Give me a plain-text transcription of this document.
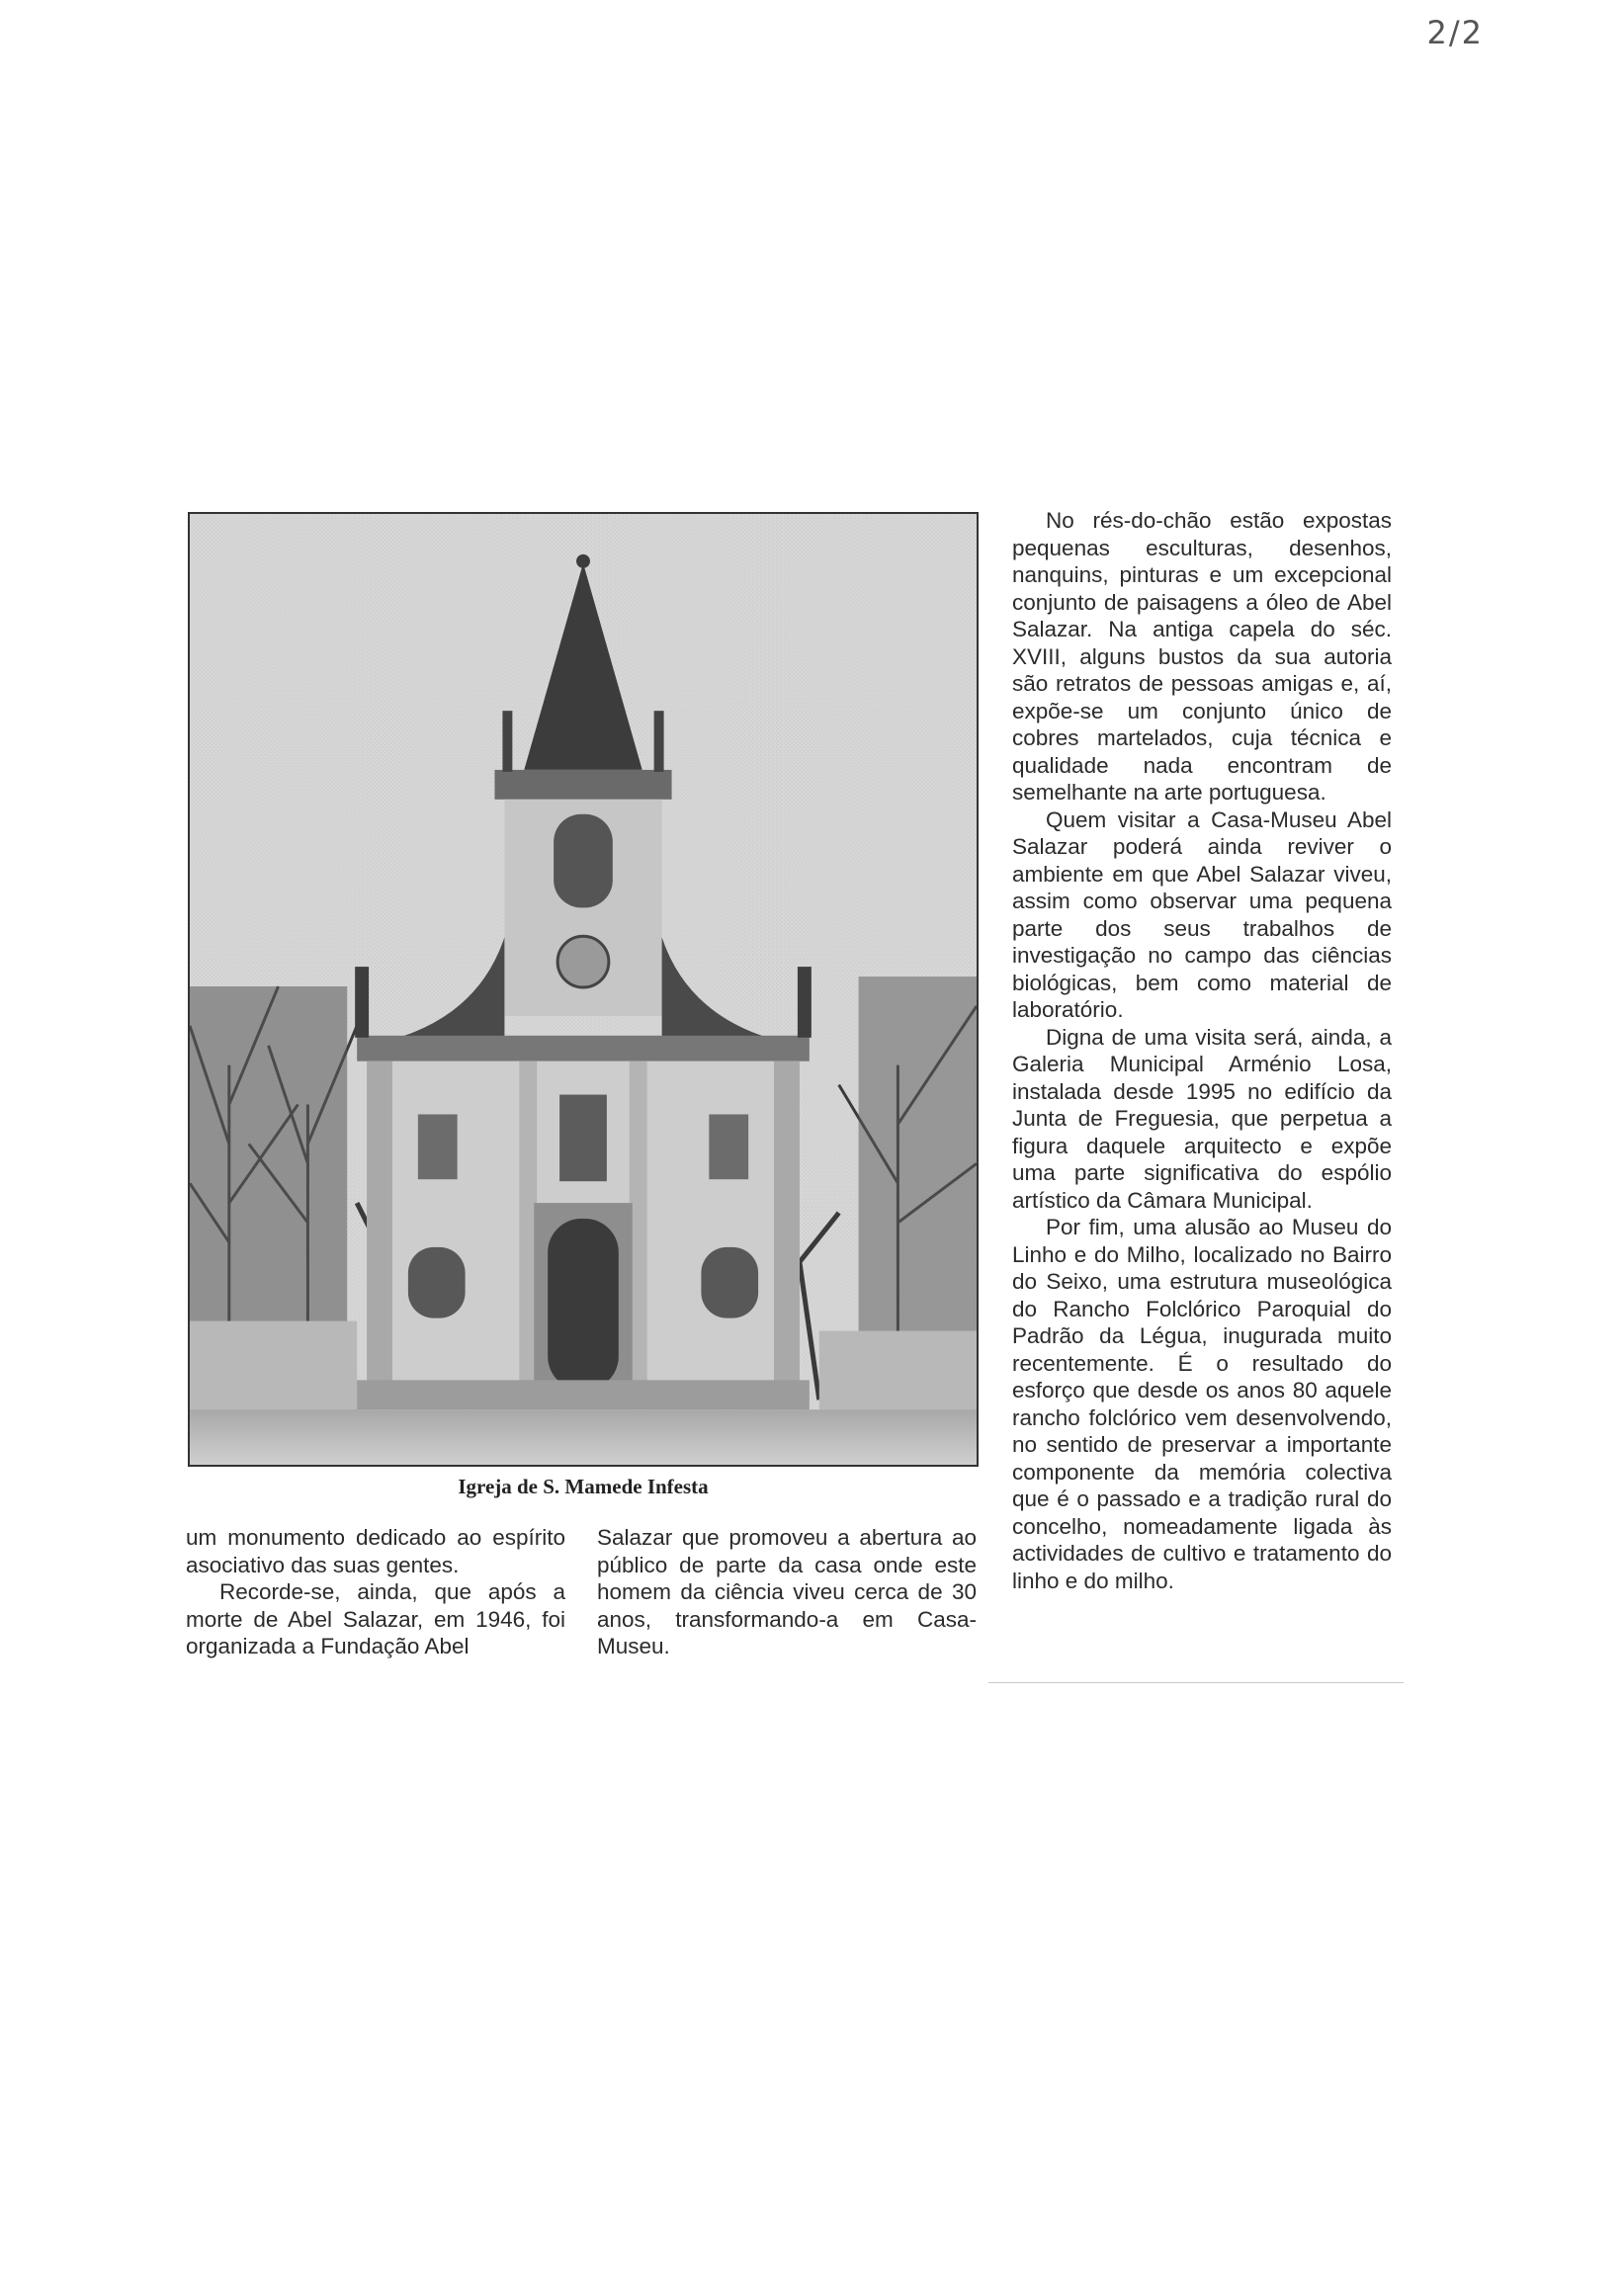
2/2
Igreja de S. Mamede Infesta

um monumento dedicado ao espírito asociativo das suas gentes.

Recorde-se, ainda, que após a morte de Abel Salazar, em 1946, foi organizada a Fundação Abel

Salazar que promoveu a abertura ao público de parte da casa onde este homem da ciência viveu cerca de 30 anos, transformando-a em Casa-Museu.

No rés-do-chão estão expostas pequenas esculturas, desenhos, nanquins, pinturas e um excepcional conjunto de paisagens a óleo de Abel Salazar. Na antiga capela do séc. XVIII, alguns bustos da sua autoria são retratos de pessoas amigas e, aí, expõe-se um conjunto único de cobres martelados, cuja técnica e qualidade nada encontram de semelhante na arte portuguesa.

Quem visitar a Casa-Museu Abel Salazar poderá ainda reviver o ambiente em que Abel Salazar viveu, assim como observar uma pequena parte dos seus trabalhos de investigação no campo das ciências biológicas, bem como material de laboratório.

Digna de uma visita será, ainda, a Galeria Municipal Arménio Losa, instalada desde 1995 no edifício da Junta de Freguesia, que perpetua a figura daquele arquitecto e expõe uma parte significativa do espólio artístico da Câmara Municipal.

Por fim, uma alusão ao Museu do Linho e do Milho, localizado no Bairro do Seixo, uma estrutura museológica do Rancho Folclórico Paroquial do Padrão da Légua, inugurada muito recentemente. É o resultado do esforço que desde os anos 80 aquele rancho folclórico vem desenvolvendo, no sentido de preservar a importante componente da memória colectiva que é o passado e a tradição rural do concelho, nomeadamente ligada às actividades de cultivo e tratamento do linho e do milho.
